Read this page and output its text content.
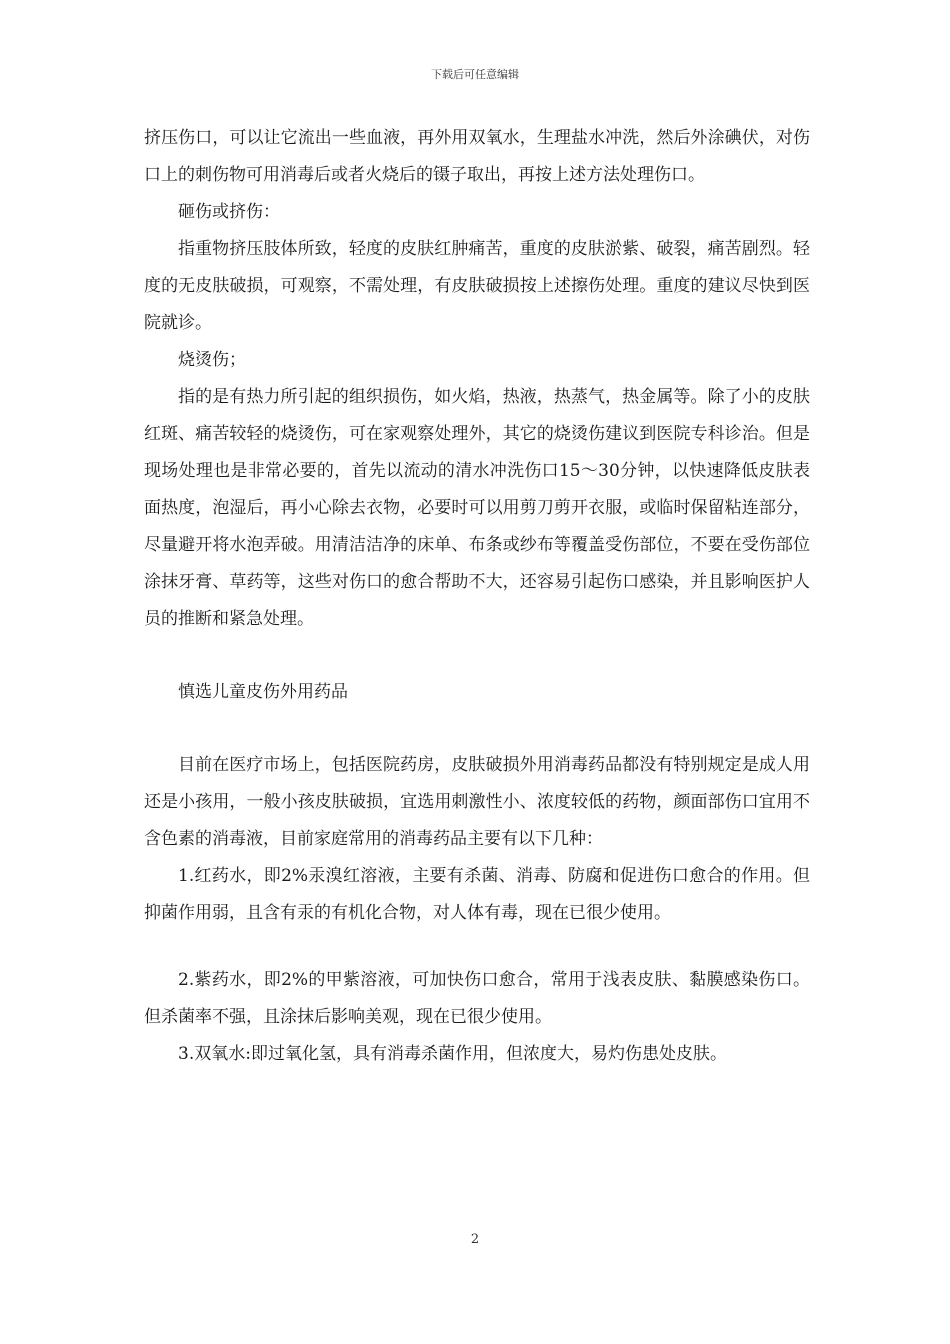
下载后可任意编辑

挤压伤口，可以让它流出一些血液，再外用双氧水，生理盐水冲洗，然后外涂碘伏，对伤口上的刺伤物可用消毒后或者火烧后的镊子取出，再按上述方法处理伤口。

砸伤或挤伤：

指重物挤压肢体所致，轻度的皮肤红肿痛苦，重度的皮肤淤紫、破裂，痛苦剧烈。轻度的无皮肤破损，可观察，不需处理，有皮肤破损按上述擦伤处理。重度的建议尽快到医院就诊。

烧烫伤；

指的是有热力所引起的组织损伤，如火焰，热液，热蒸气，热金属等。除了小的皮肤红斑、痛苦较轻的烧烫伤，可在家观察处理外，其它的烧烫伤建议到医院专科诊治。但是现场处理也是非常必要的，首先以流动的清水冲洗伤口15～30分钟，以快速降低皮肤表面热度，泡湿后，再小心除去衣物，必要时可以用剪刀剪开衣服，或临时保留粘连部分，尽量避开将水泡弄破。用清洁洁净的床单、布条或纱布等覆盖受伤部位，不要在受伤部位涂抹牙膏、草药等，这些对伤口的愈合帮助不大，还容易引起伤口感染，并且影响医护人员的推断和紧急处理。

慎选儿童皮伤外用药品

目前在医疗市场上，包括医院药房，皮肤破损外用消毒药品都没有特别规定是成人用还是小孩用，一般小孩皮肤破损，宜选用刺激性小、浓度较低的药物，颜面部伤口宜用不含色素的消毒液，目前家庭常用的消毒药品主要有以下几种：

1.红药水，即2%汞溴红溶液，主要有杀菌、消毒、防腐和促进伤口愈合的作用。但抑菌作用弱，且含有汞的有机化合物，对人体有毒，现在已很少使用。

2.紫药水，即2%的甲紫溶液，可加快伤口愈合，常用于浅表皮肤、黏膜感染伤口。但杀菌率不强，且涂抹后影响美观，现在已很少使用。

3.双氧水:即过氧化氢，具有消毒杀菌作用，但浓度大，易灼伤患处皮肤。

2
